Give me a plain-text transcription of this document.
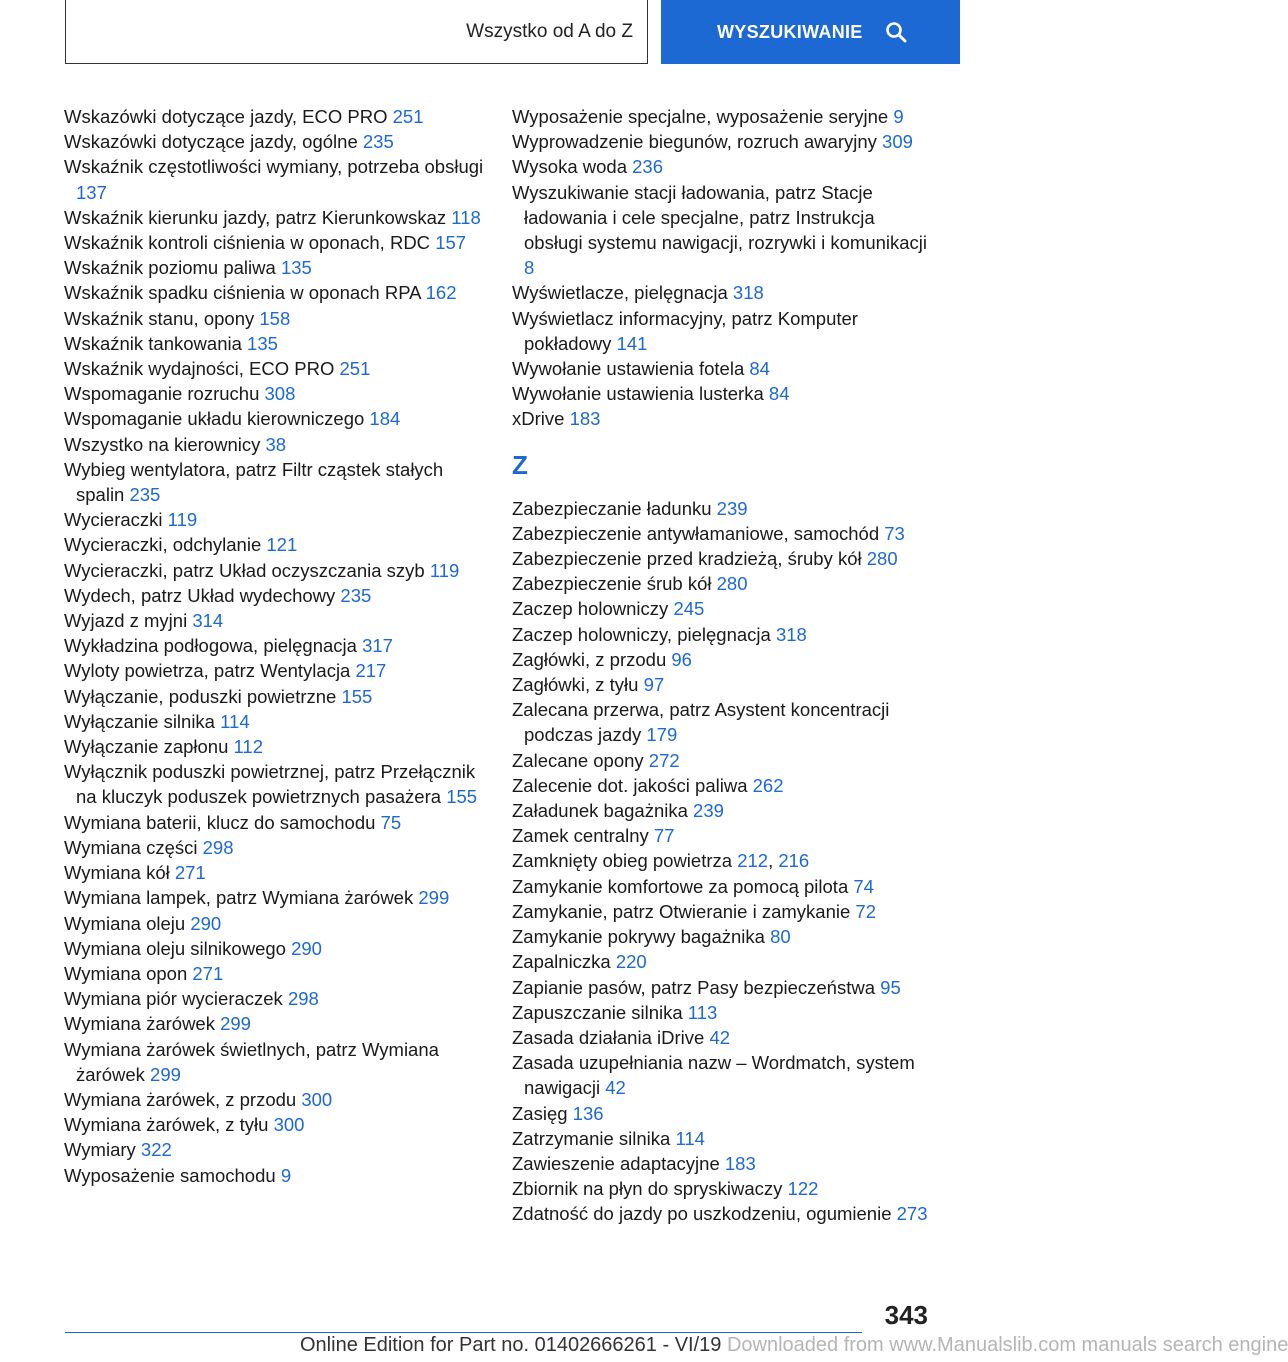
Wszystko od A do Z	WYSZUKIWANIE

Wskazówki dotyczące jazdy, ECO PRO 251

Wskazówki dotyczące jazdy, ogólne 235

Wskaźnik częstotliwości wymiany, potrzeba obsługi 137

Wskaźnik kierunku jazdy, patrz Kierunkowskaz 118

Wskaźnik kontroli ciśnienia w oponach, RDC 157

Wskaźnik poziomu paliwa 135

Wskaźnik spadku ciśnienia w oponach RPA 162

Wskaźnik stanu, opony 158

Wskaźnik tankowania 135

Wskaźnik wydajności, ECO PRO 251

Wspomaganie rozruchu 308

Wspomaganie układu kierowniczego 184

Wszystko na kierownicy 38

Wybieg wentylatora, patrz Filtr cząstek stałych spalin 235

Wycieraczki 119

Wycieraczki, odchylanie 121

Wycieraczki, patrz Układ oczyszczania szyb 119

Wydech, patrz Układ wydechowy 235

Wyjazd z myjni 314

Wykładzina podłogowa, pielęgnacja 317

Wyloty powietrza, patrz Wentylacja 217

Wyłączanie, poduszki powietrzne 155

Wyłączanie silnika 114

Wyłączanie zapłonu 112

Wyłącznik poduszki powietrznej, patrz Przełącznik na kluczyk poduszek powietrznych pasażera 155

Wymiana baterii, klucz do samochodu 75

Wymiana części 298

Wymiana kół 271

Wymiana lampek, patrz Wymiana żarówek 299

Wymiana oleju 290

Wymiana oleju silnikowego 290

Wymiana opon 271

Wymiana piór wycieraczek 298

Wymiana żarówek 299

Wymiana żarówek świetlnych, patrz Wymiana żarówek 299

Wymiana żarówek, z przodu 300

Wymiana żarówek, z tyłu 300

Wymiary 322

Wyposażenie samochodu 9

Wyposażenie specjalne, wyposażenie seryjne 9

Wyprowadzenie biegunów, rozruch awaryjny 309

Wysoka woda 236

Wyszukiwanie stacji ładowania, patrz Stacje ładowania i cele specjalne, patrz Instrukcja obsługi systemu nawigacji, rozrywki i komunikacji 8

Wyświetlacze, pielęgnacja 318

Wyświetlacz informacyjny, patrz Komputer pokładowy 141

Wywołanie ustawienia fotela 84

Wywołanie ustawienia lusterka 84

xDrive 183

Z

Zabezpieczanie ładunku 239

Zabezpieczenie antywłamaniowe, samochód 73

Zabezpieczenie przed kradzieżą, śruby kół 280

Zabezpieczenie śrub kół 280

Zaczep holowniczy 245

Zaczep holowniczy, pielęgnacja 318

Zagłówki, z przodu 96

Zagłówki, z tyłu 97

Zalecana przerwa, patrz Asystent koncentracji podczas jazdy 179

Zalecane opony 272

Zalecenie dot. jakości paliwa 262

Załadunek bagażnika 239

Zamek centralny 77

Zamknięty obieg powietrza 212, 216

Zamykanie komfortowe za pomocą pilota 74

Zamykanie, patrz Otwieranie i zamykanie 72

Zamykanie pokrywy bagażnika 80

Zapalniczka 220

Zapianie pasów, patrz Pasy bezpieczeństwa 95

Zapuszczanie silnika 113

Zasada działania iDrive 42

Zasada uzupełniania nazw – Wordmatch, system nawigacji 42

Zasięg 136

Zatrzymanie silnika 114

Zawieszenie adaptacyjne 183

Zbiornik na płyn do spryskiwaczy 122

Zdatność do jazdy po uszkodzeniu, ogumienie 273

343
Online Edition for Part no. 01402666261 - VI/19 Downloaded from www.Manualslib.com manuals search engine
